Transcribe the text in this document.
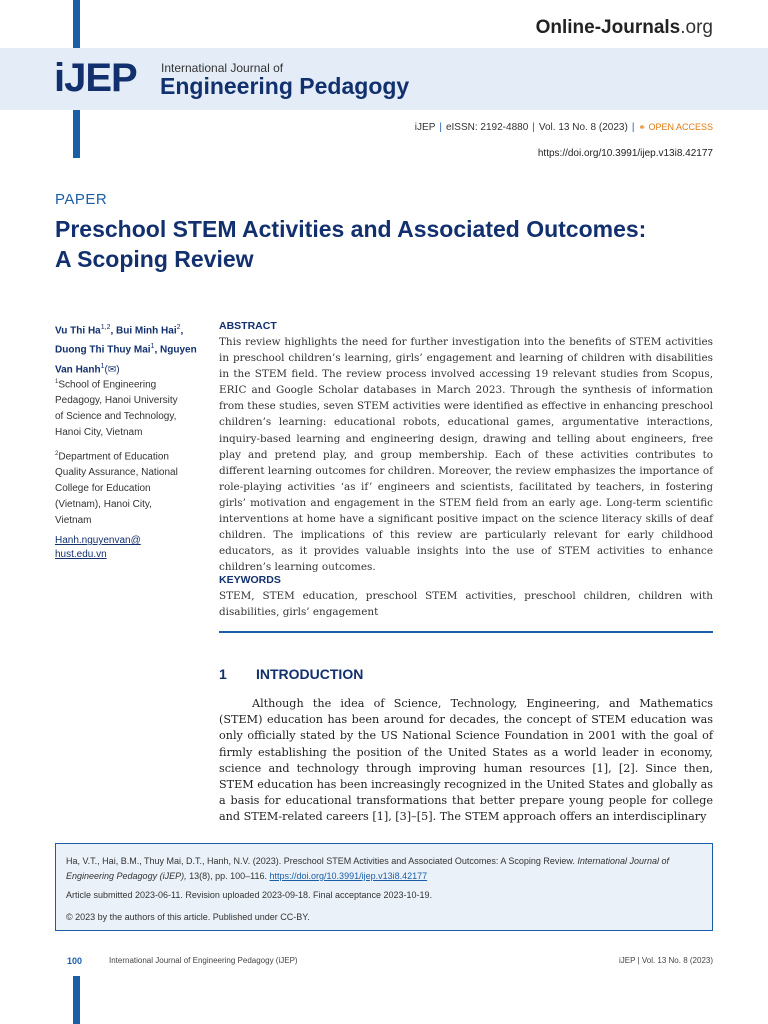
Online-Journals.org
iJEP International Journal of
Engineering Pedagogy
iJEP | eISSN: 2192-4880 | Vol. 13 No. 8 (2023) | ⚭ OPEN ACCESS
https://doi.org/10.3991/ijep.v13i8.42177
PAPER
Preschool STEM Activities and Associated Outcomes:
A Scoping Review
Vu Thi Ha$^{1,2}$, Bui Minh Hai$^2$, Duong Thi Thuy Mai$^1$, Nguyen Van Hanh$^1$(✉)
$^1$School of Engineering Pedagogy, Hanoi University of Science and Technology, Hanoi City, Vietnam
$^2$Department of Education Quality Assurance, National College for Education (Vietnam), Hanoi City, Vietnam
Hanh.nguyenvan@
hust.edu.vn
ABSTRACT

This review highlights the need for further investigation into the benefits of STEM activities in preschool children’s learning, girls’ engagement and learning of children with disabilities in the STEM field. The review process involved accessing 19 relevant studies from Scopus, ERIC and Google Scholar databases in March 2023. Through the synthesis of information from these studies, seven STEM activities were identified as effective in enhancing preschool children’s learning: educational robots, educational games, argumentative interactions, inquiry-based learning and engineering design, drawing and telling about engineers, free play and pretend play, and group membership. Each of these activities contributes to different learning outcomes for children. Moreover, the review emphasizes the importance of role-playing activities ‘as if’ engineers and scientists, facilitated by teachers, in fostering girls’ motivation and engagement in the STEM field from an early age. Long-term scientific interventions at home have a significant positive impact on the science literacy skills of deaf children. The implications of this review are particularly relevant for early childhood educators, as it provides valuable insights into the use of STEM activities to enhance children’s learning outcomes.

KEYWORDS

STEM, STEM education, preschool STEM activities, preschool children, children with disabilities, girls’ engagement

1 INTRODUCTION

Although the idea of Science, Technology, Engineering, and Mathematics (STEM) education has been around for decades, the concept of STEM education was only officially stated by the US National Science Foundation in 2001 with the goal of firmly establishing the position of the United States as a world leader in economy, science and technology through improving human resources [1], [2]. Since then, STEM education has been increasingly recognized in the United States and globally as a basis for educational transformations that better prepare young people for college and STEM-related careers [1], [3]–[5]. The STEM approach offers an interdisciplinary

Ha, V.T., Hai, B.M., Thuy Mai, D.T., Hanh, N.V. (2023). Preschool STEM Activities and Associated Outcomes: A Scoping Review. International Journal of Engineering Pedagogy (iJEP), 13(8), pp. 100–116. https://doi.org/10.3991/ijep.v13i8.42177

Article submitted 2023-06-11. Revision uploaded 2023-09-18. Final acceptance 2023-10-19.

© 2023 by the authors of this article. Published under CC-BY.

100	International Journal of Engineering Pedagogy (iJEP)	iJEP | Vol. 13 No. 8 (2023)
